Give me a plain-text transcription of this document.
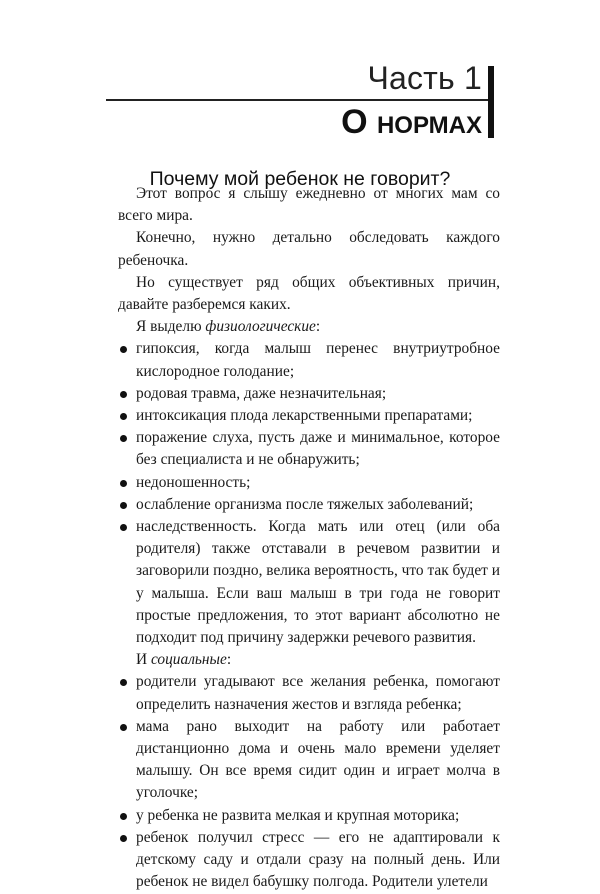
Часть 1
О нормах
Почему мой ребенок не говорит?

Этот вопрос я слышу ежедневно от многих мам со всего мира.

Конечно, нужно детально обследовать каждого ребеночка.

Но существует ряд общих объективных причин, давайте разберемся каких.

Я выделю физиологические:

гипоксия, когда малыш перенес внутриутробное кислородное голодание;
родовая травма, даже незначительная;
интоксикация плода лекарственными препаратами;
поражение слуха, пусть даже и минимальное, которое без специалиста и не обнаружить;
недоношенность;
ослабление организма после тяжелых заболеваний;
наследственность. Когда мать или отец (или оба родителя) также отставали в речевом развитии и заговорили поздно, велика вероятность, что так будет и у малыша. Если ваш малыш в три года не говорит простые предложения, то этот вариант абсолютно не подходит под причину задержки речевого развития.

И социальные:

родители угадывают все желания ребенка, помогают определить назначения жестов и взгляда ребенка;
мама рано выходит на работу или работает дистанционно дома и очень мало времени уделяет малышу. Он все время сидит один и играет молча в уголочке;
у ребенка не развита мелкая и крупная моторика;
ребенок получил стресс — его не адаптировали к детскому саду и отдали сразу на полный день. Или ребенок не видел бабушку полгода. Родители улетели
